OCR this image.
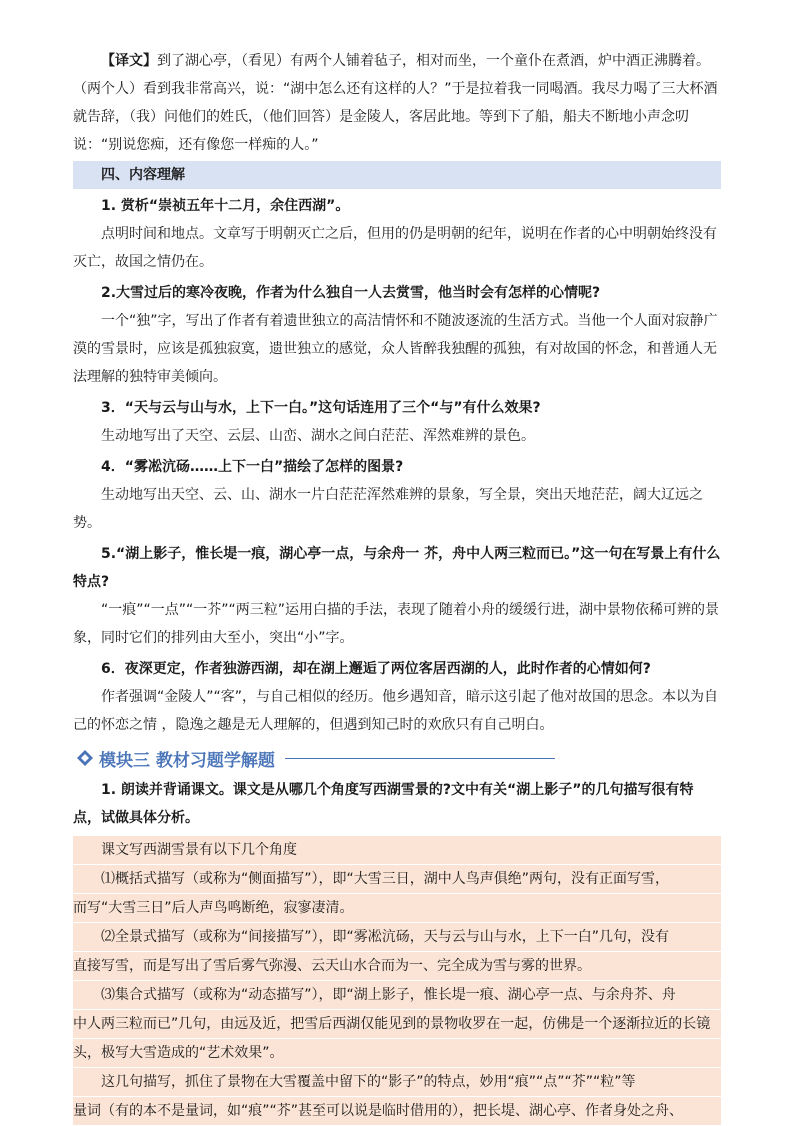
【译文】到了湖心亭，（看见）有两个人铺着毡子，相对而坐，一个童仆在煮酒，炉中酒正沸腾着。（两个人）看到我非常高兴，说：“湖中怎么还有这样的人？”于是拉着我一同喝酒。我尽力喝了三大杯酒就告辞，（我）问他们的姓氏，（他们回答）是金陵人，客居此地。等到下了船，船夫不断地小声念叨说：“别说您痴，还有像您一样痴的人。”

四、内容理解

1. 赏析“崇祯五年十二月，余住西湖”。

点明时间和地点。文章写于明朝灭亡之后，但用的仍是明朝的纪年，说明在作者的心中明朝始终没有灭亡，故国之情仍在。

2.大雪过后的寒冷夜晚，作者为什么独自一人去赏雪，他当时会有怎样的心情呢?

一个“独”字，写出了作者有着遗世独立的高洁情怀和不随波逐流的生活方式。当他一个人面对寂静广漠的雪景时，应该是孤独寂寞，遗世独立的感觉，众人皆醉我独醒的孤独，有对故国的怀念，和普通人无法理解的独特审美倾向。

3．“天与云与山与水，上下一白。”这句话连用了三个“与”有什么效果?

生动地写出了天空、云层、山峦、湖水之间白茫茫、浑然难辨的景色。

4．“雾凇沆砀……上下一白”描绘了怎样的图景?

生动地写出天空、云、山、湖水一片白茫茫浑然难辨的景象，写全景，突出天地茫茫，阔大辽远之势。

5.“湖上影子，惟长堤一痕，湖心亭一点，与余舟一 芥，舟中人两三粒而已。”这一句在写景上有什么特点?

“一痕”“一点”“一芥”“两三粒”运用白描的手法，表现了随着小舟的缓缓行进，湖中景物依稀可辨的景象，同时它们的排列由大至小，突出“小”字。

6．夜深更定，作者独游西湖，却在湖上邂逅了两位客居西湖的人，此时作者的心情如何?

作者强调“金陵人”“客”，与自己相似的经历。他乡遇知音，暗示这引起了他对故国的思念。本以为自己的怀恋之情 ，隐逸之趣是无人理解的，但遇到知己时的欢欣只有自己明白。

模块三 教材习题学解题

1. 朗读并背诵课文。课文是从哪几个角度写西湖雪景的?文中有关“湖上影子”的几句描写很有特点，试做具体分析。

课文写西湖雪景有以下几个角度

⑴概括式描写（或称为“侧面描写”），即“大雪三日，湖中人鸟声俱绝”两句，没有正面写雪，

而写“大雪三日”后人声鸟鸣断绝，寂寥凄清。

⑵全景式描写（或称为“间接描写”），即“雾凇沆砀，天与云与山与水，上下一白”几句，没有

直接写雪，而是写出了雪后雾气弥漫、云天山水合而为一、完全成为雪与雾的世界。

⑶集合式描写（或称为“动态描写”），即“湖上影子，惟长堤一痕、湖心亭一点、与余舟芥、舟

中人两三粒而已”几句，由远及近，把雪后西湖仅能见到的景物收罗在一起，仿佛是一个逐渐拉近的长镜

头，极写大雪造成的“艺术效果”。

这几句描写，抓住了景物在大雪覆盖中留下的“影子”的特点，妙用“痕”“点”“芥”“粒”等

量词（有的本不是量词，如“痕”“芥”甚至可以说是临时借用的），把长堤、湖心亭、作者身处之舟、
